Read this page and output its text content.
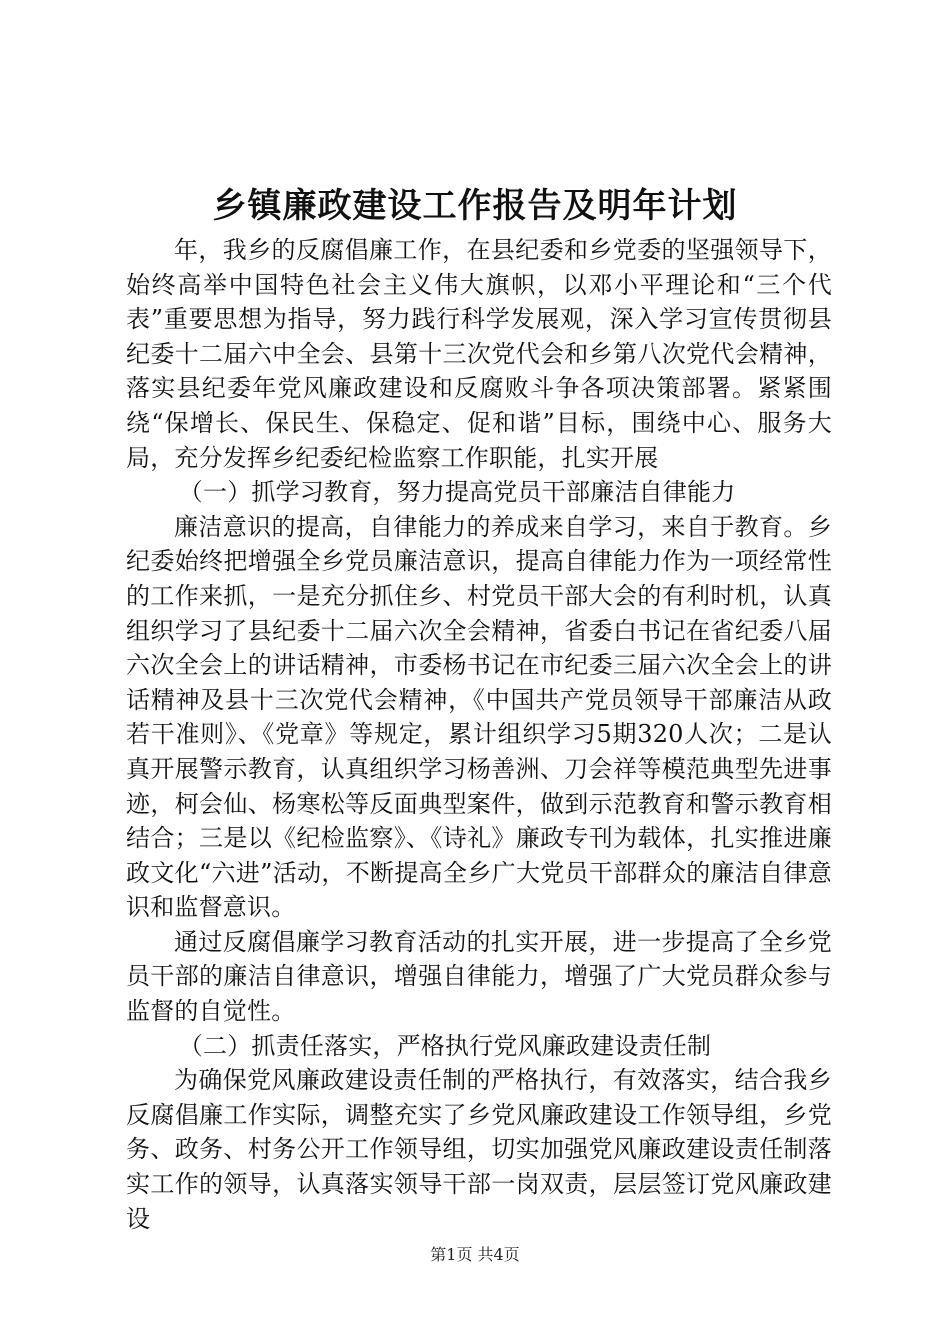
乡镇廉政建设工作报告及明年计划

年，我乡的反腐倡廉工作，在县纪委和乡党委的坚强领导下，始终高举中国特色社会主义伟大旗帜，以邓小平理论和“三个代表”重要思想为指导，努力践行科学发展观，深入学习宣传贯彻县纪委十二届六中全会、县第十三次党代会和乡第八次党代会精神，落实县纪委年党风廉政建设和反腐败斗争各项决策部署。紧紧围绕“保增长、保民生、保稳定、促和谐”目标，围绕中心、服务大局，充分发挥乡纪委纪检监察工作职能，扎实开展

（一）抓学习教育，努力提高党员干部廉洁自律能力

廉洁意识的提高，自律能力的养成来自学习，来自于教育。乡纪委始终把增强全乡党员廉洁意识，提高自律能力作为一项经常性的工作来抓，一是充分抓住乡、村党员干部大会的有利时机，认真组织学习了县纪委十二届六次全会精神，省委白书记在省纪委八届六次全会上的讲话精神，市委杨书记在市纪委三届六次全会上的讲话精神及县十三次党代会精神，《中国共产党员领导干部廉洁从政若干准则》、《党章》等规定，累计组织学习5期320人次；二是认真开展警示教育，认真组织学习杨善洲、刀会祥等模范典型先进事迹，柯会仙、杨寒松等反面典型案件，做到示范教育和警示教育相结合；三是以《纪检监察》、《诗礼》廉政专刊为载体，扎实推进廉政文化“六进”活动，不断提高全乡广大党员干部群众的廉洁自律意识和监督意识。

通过反腐倡廉学习教育活动的扎实开展，进一步提高了全乡党员干部的廉洁自律意识，增强自律能力，增强了广大党员群众参与监督的自觉性。

（二）抓责任落实，严格执行党风廉政建设责任制

为确保党风廉政建设责任制的严格执行，有效落实，结合我乡反腐倡廉工作实际，调整充实了乡党风廉政建设工作领导组，乡党务、政务、村务公开工作领导组，切实加强党风廉政建设责任制落实工作的领导，认真落实领导干部一岗双责，层层签订党风廉政建设

第1页 共4页
